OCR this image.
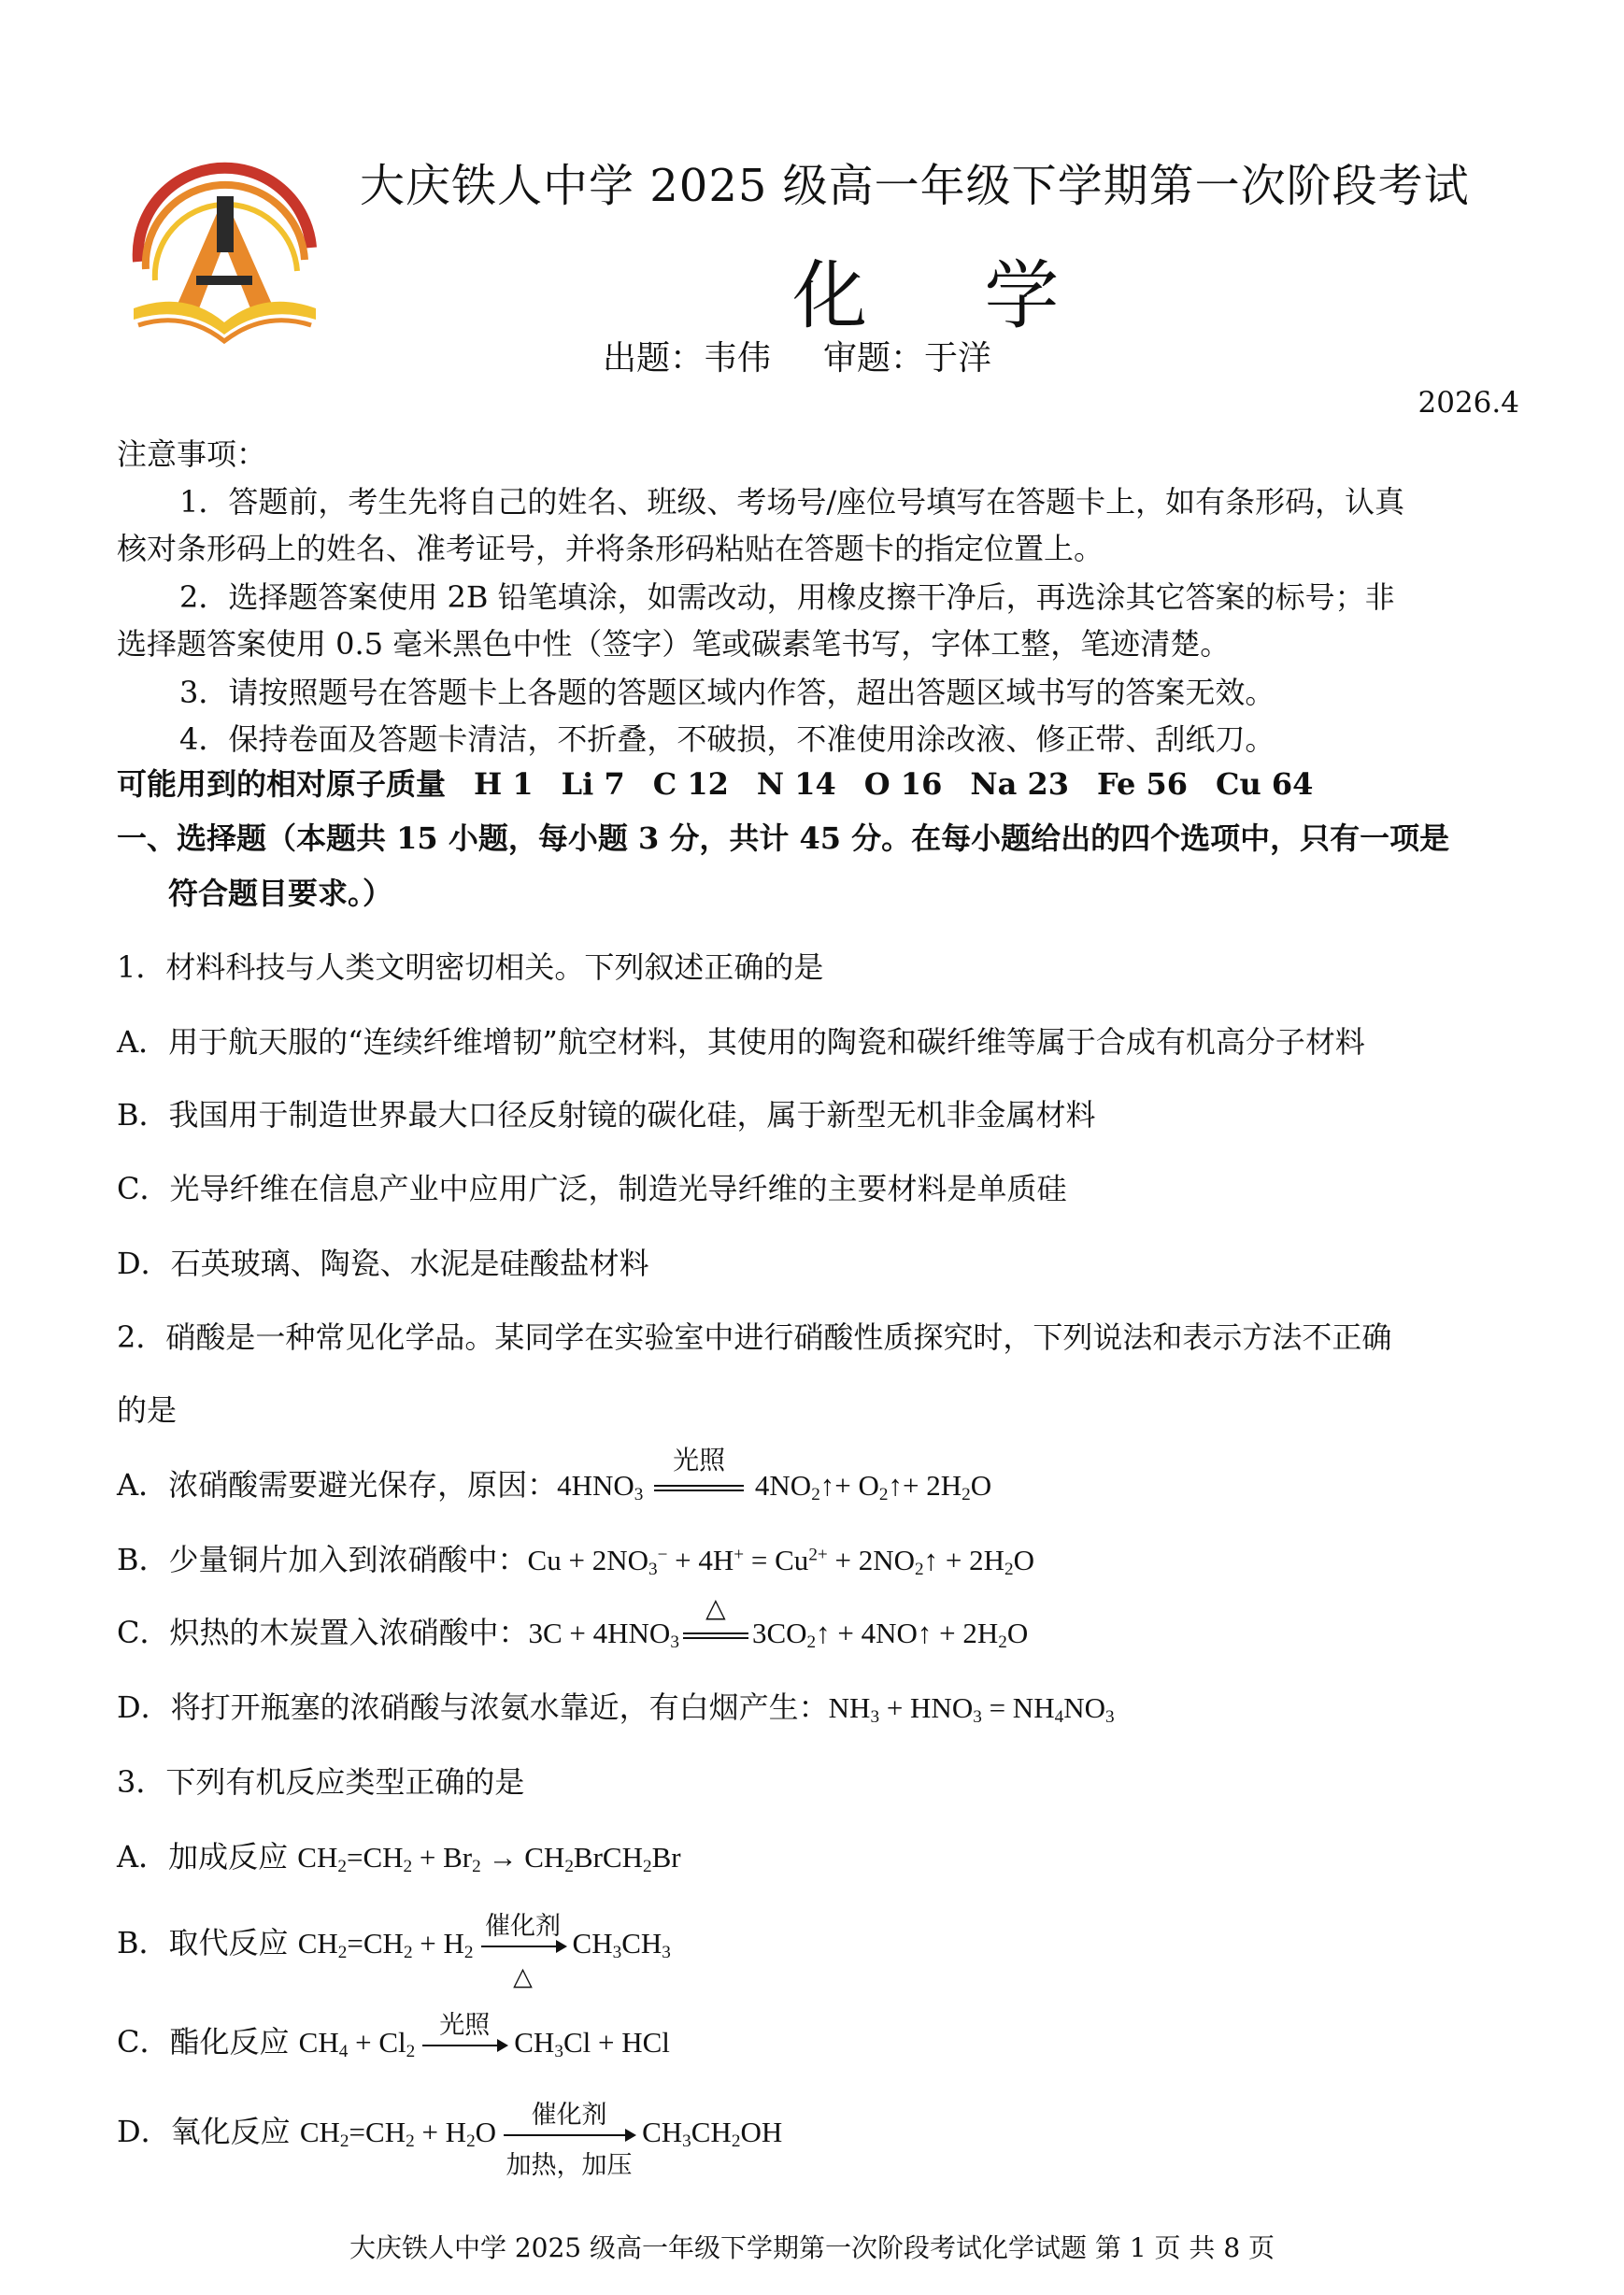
大庆铁人中学 2025 级高一年级下学期第一次阶段考试
化 学
出题：韦伟 审题：于洋
2026.4
注意事项：
1．答题前，考生先将自己的姓名、班级、考场号/座位号填写在答题卡上，如有条形码，认真
核对条形码上的姓名、准考证号，并将条形码粘贴在答题卡的指定位置上。
2．选择题答案使用 2B 铅笔填涂，如需改动，用橡皮擦干净后，再选涂其它答案的标号；非
选择题答案使用 0.5 毫米黑色中性（签字）笔或碳素笔书写，字体工整，笔迹清楚。
3．请按照题号在答题卡上各题的答题区域内作答，超出答题区域书写的答案无效。
4．保持卷面及答题卡清洁，不折叠，不破损，不准使用涂改液、修正带、刮纸刀。
可能用到的相对原子质量 H 1 Li 7 C 12 N 14 O 16 Na 23 Fe 56 Cu 64
一、选择题（本题共 15 小题，每小题 3 分，共计 45 分。在每小题给出的四个选项中，只有一项是
符合题目要求。）
1．材料科技与人类文明密切相关。下列叙述正确的是
A．用于航天服的“连续纤维增韧”航空材料，其使用的陶瓷和碳纤维等属于合成有机高分子材料
B．我国用于制造世界最大口径反射镜的碳化硅，属于新型无机非金属材料
C．光导纤维在信息产业中应用广泛，制造光导纤维的主要材料是单质硅
D．石英玻璃、陶瓷、水泥是硅酸盐材料
2．硝酸是一种常见化学品。某同学在实验室中进行硝酸性质探究时，下列说法和表示方法不正确
的是
A．浓硝酸需要避光保存，原因：$4HNO_3$
光照
$4NO_2↑+$ $O_2↑+ 2H_2O$
B．少量铜片加入到浓硝酸中：$Cu + 2NO_3^- + 4H^+ = Cu^{2+}$ + $2NO_2↑ + 2H_2O$
C．炽热的木炭置入浓硝酸中：$3C + 4HNO_3$
△
$3CO_2↑$ + 4NO↑ + $2H_2O$
D．将打开瓶塞的浓硝酸与浓氨水靠近，有白烟产生：$NH_3 + HNO_3 = NH_4NO_3$
3．下列有机反应类型正确的是
A．加成反应 $CH_2=CH_2 + Br_2$ → $CH_2BrCH_2Br$
B．取代反应 $CH_2=CH_2 + H_2$
催化剂
△
$CH_3CH_3$
C．酯化反应 $CH_4 + Cl_2$
光照
$CH_3Cl$ + HCl
D．氧化反应 $CH_2=CH_2 + H_2O$
催化剂
加热，加压
$CH_3CH_2OH$
大庆铁人中学 2025 级高一年级下学期第一次阶段考试化学试题 第 1 页 共 8 页
